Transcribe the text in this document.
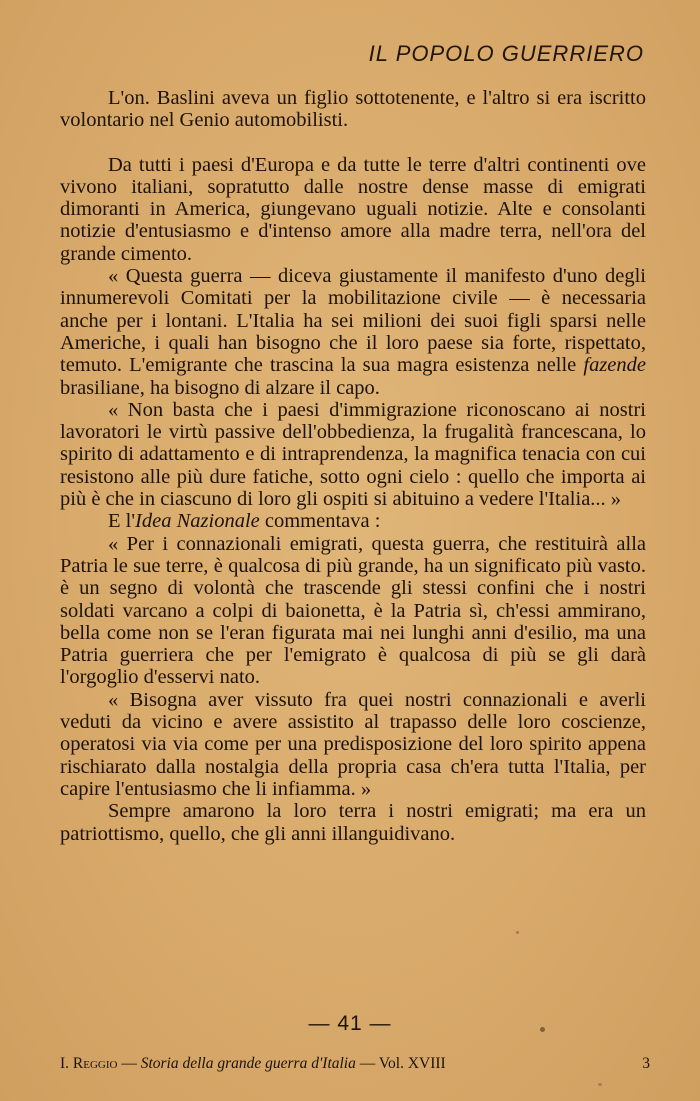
IL POPOLO GUERRIERO

L'on. Baslini aveva un figlio sottotenente, e l'altro si era iscritto volontario nel Genio automobilisti.

Da tutti i paesi d'Europa e da tutte le terre d'altri continenti ove vivono italiani, sopratutto dalle nostre dense masse di emigrati dimoranti in America, giungevano uguali notizie. Alte e consolanti notizie d'entusiasmo e d'intenso amore alla madre terra, nell'ora del grande cimento.

« Questa guerra — diceva giustamente il manifesto d'uno degli innumerevoli Comitati per la mobilitazione civile — è necessaria anche per i lontani. L'Italia ha sei milioni dei suoi figli sparsi nelle Americhe, i quali han bisogno che il loro paese sia forte, rispettato, temuto. L'emigrante che trascina la sua magra esistenza nelle fazende brasiliane, ha bisogno di alzare il capo.

« Non basta che i paesi d'immigrazione riconoscano ai nostri lavoratori le virtù passive dell'obbedienza, la frugalità francescana, lo spirito di adattamento e di intraprendenza, la magnifica tenacia con cui resistono alle più dure fatiche, sotto ogni cielo : quello che importa ai più è che in ciascuno di loro gli ospiti si abituino a vedere l'Italia... »

E l'Idea Nazionale commentava :

« Per i connazionali emigrati, questa guerra, che restituirà alla Patria le sue terre, è qualcosa di più grande, ha un significato più vasto. è un segno di volontà che trascende gli stessi confini che i nostri soldati varcano a colpi di baionetta, è la Patria sì, ch'essi ammirano, bella come non se l'eran figurata mai nei lunghi anni d'esilio, ma una Patria guerriera che per l'emigrato è qualcosa di più se gli darà l'orgoglio d'esservi nato.

« Bisogna aver vissuto fra quei nostri connazionali e averli veduti da vicino e avere assistito al trapasso delle loro coscienze, operatosi via via come per una predisposizione del loro spirito appena rischiarato dalla nostalgia della propria casa ch'era tutta l'Italia, per capire l'entusiasmo che li infiamma. »

Sempre amarono la loro terra i nostri emigrati; ma era un patriottismo, quello, che gli anni illanguidivano.

— 41 —
I. Reggio — Storia della grande guerra d'Italia — Vol. XVIII	3
